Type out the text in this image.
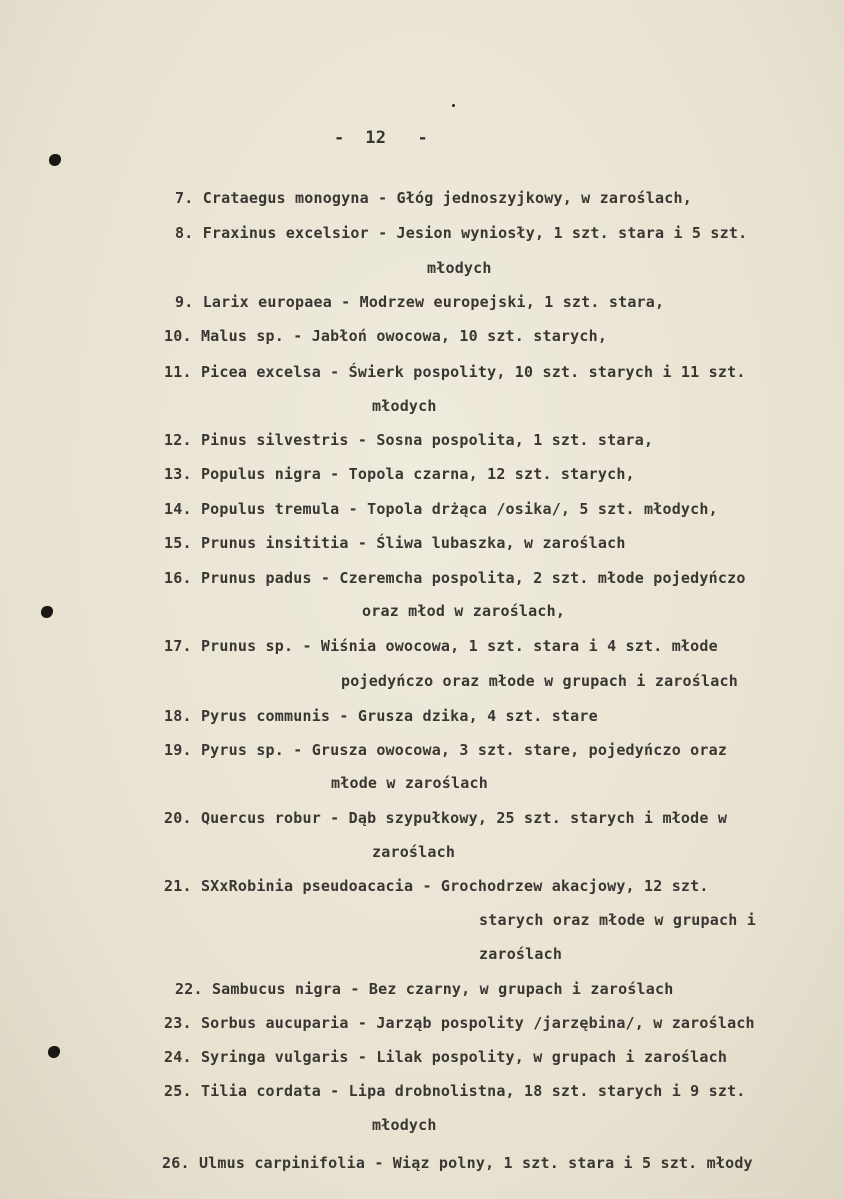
-  12   -
7. Crataegus monogyna - Głóg jednoszyjkowy, w zaroślach,
8. Fraxinus excelsior - Jesion wyniosły, 1 szt. stara i 5 szt.
młodych
9. Larix europaea - Modrzew europejski, 1 szt. stara,
10. Malus sp. - Jabłoń owocowa, 10 szt. starych,
11. Picea excelsa - Świerk pospolity, 10 szt. starych i 11 szt.
młodych
12. Pinus silvestris - Sosna pospolita, 1 szt. stara,
13. Populus nigra - Topola czarna, 12 szt. starych,
14. Populus tremula - Topola drżąca /osika/, 5 szt. młodych,
15. Prunus insititia - Śliwa lubaszka, w zaroślach
16. Prunus padus - Czeremcha pospolita, 2 szt. młode pojedyńczo
oraz młod w zaroślach,
17. Prunus sp. - Wiśnia owocowa, 1 szt. stara i 4 szt. młode
pojedyńczo oraz młode w grupach i zaroślach
18. Pyrus communis - Grusza dzika, 4 szt. stare
19. Pyrus sp. - Grusza owocowa, 3 szt. stare, pojedyńczo oraz
młode w zaroślach
20. Quercus robur - Dąb szypułkowy, 25 szt. starych i młode w
zaroślach
21. SXxRobinia pseudoacacia - Grochodrzew akacjowy, 12 szt.
starych oraz młode w grupach i
zaroślach
22. Sambucus nigra - Bez czarny, w grupach i zaroślach
23. Sorbus aucuparia - Jarząb pospolity /jarzębina/, w zaroślach
24. Syringa vulgaris - Lilak pospolity, w grupach i zaroślach
25. Tilia cordata - Lipa drobnolistna, 18 szt. starych i 9 szt.
młodych
26. Ulmus carpinifolia - Wiąz polny, 1 szt. stara i 5 szt. młody
